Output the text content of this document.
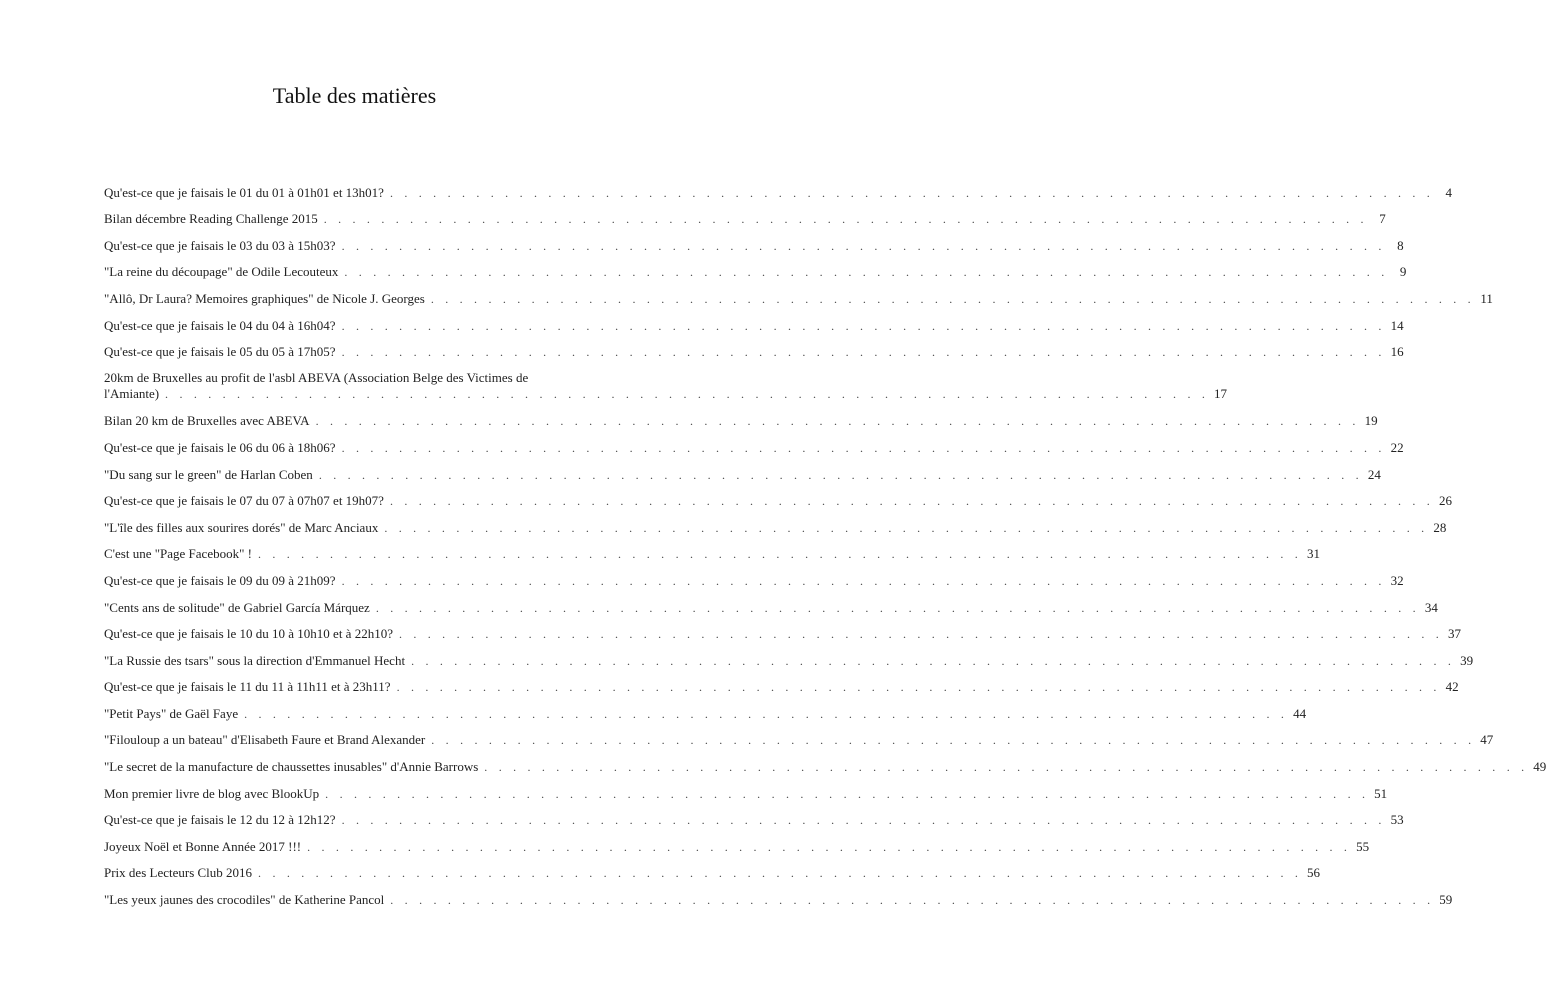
Table des matières
Qu'est-ce que je faisais le 01 du 01 à 01h01 et 13h01? . . . . . . . . . . . . . . . . . . . . . . . . . . . . . . . . . . . . . . . . . . . . . . . . . . . . . . . . . . . . . . . . . . . . . . . . . 4
Bilan décembre Reading Challenge 2015 . . . . . . . . . . . . . . . . . . . . . . . . . . . . . . . . . . . . . . . . . . . . . . . . . . . . . . . . . . . . . . . . . . . . . . . . . 7
Qu'est-ce que je faisais le 03 du 03 à 15h03? . . . . . . . . . . . . . . . . . . . . . . . . . . . . . . . . . . . . . . . . . . . . . . . . . . . . . . . . . . . . . . . . . . . . . . . . . 8
"La reine du découpage" de Odile Lecouteux . . . . . . . . . . . . . . . . . . . . . . . . . . . . . . . . . . . . . . . . . . . . . . . . . . . . . . . . . . . . . . . . . . . . . . . . . 9
"Allô, Dr Laura? Memoires graphiques" de Nicole J. Georges . . . . . . . . . . . . . . . . . . . . . . . . . . . . . . . . . . . . . . . . . . . . . . . . . . . . . . . . . . . . . . . . . . . . . . . . . 11
Qu'est-ce que je faisais le 04 du 04 à 16h04? . . . . . . . . . . . . . . . . . . . . . . . . . . . . . . . . . . . . . . . . . . . . . . . . . . . . . . . . . . . . . . . . . . . . . . . . . 14
Qu'est-ce que je faisais le 05 du 05 à 17h05? . . . . . . . . . . . . . . . . . . . . . . . . . . . . . . . . . . . . . . . . . . . . . . . . . . . . . . . . . . . . . . . . . . . . . . . . . 16
20km de Bruxelles au profit de l'asbl ABEVA (Association Belge des Victimes de
l'Amiante) . . . . . . . . . . . . . . . . . . . . . . . . . . . . . . . . . . . . . . . . . . . . . . . . . . . . . . . . . . . . . . . . . . . . . . . . . 17
Bilan 20 km de Bruxelles avec ABEVA . . . . . . . . . . . . . . . . . . . . . . . . . . . . . . . . . . . . . . . . . . . . . . . . . . . . . . . . . . . . . . . . . . . . . . . . . 19
Qu'est-ce que je faisais le 06 du 06 à 18h06? . . . . . . . . . . . . . . . . . . . . . . . . . . . . . . . . . . . . . . . . . . . . . . . . . . . . . . . . . . . . . . . . . . . . . . . . . 22
"Du sang sur le green" de Harlan Coben . . . . . . . . . . . . . . . . . . . . . . . . . . . . . . . . . . . . . . . . . . . . . . . . . . . . . . . . . . . . . . . . . . . . . . . . . 24
Qu'est-ce que je faisais le 07 du 07 à 07h07 et 19h07? . . . . . . . . . . . . . . . . . . . . . . . . . . . . . . . . . . . . . . . . . . . . . . . . . . . . . . . . . . . . . . . . . . . . . . . . . 26
"L'île des filles aux sourires dorés" de Marc Anciaux . . . . . . . . . . . . . . . . . . . . . . . . . . . . . . . . . . . . . . . . . . . . . . . . . . . . . . . . . . . . . . . . . . . . . . . . . 28
C'est une "Page Facebook" ! . . . . . . . . . . . . . . . . . . . . . . . . . . . . . . . . . . . . . . . . . . . . . . . . . . . . . . . . . . . . . . . . . . . . . . . . . 31
Qu'est-ce que je faisais le 09 du 09 à 21h09? . . . . . . . . . . . . . . . . . . . . . . . . . . . . . . . . . . . . . . . . . . . . . . . . . . . . . . . . . . . . . . . . . . . . . . . . . 32
"Cents ans de solitude" de Gabriel García Márquez . . . . . . . . . . . . . . . . . . . . . . . . . . . . . . . . . . . . . . . . . . . . . . . . . . . . . . . . . . . . . . . . . . . . . . . . . 34
Qu'est-ce que je faisais le 10 du 10 à 10h10 et à 22h10? . . . . . . . . . . . . . . . . . . . . . . . . . . . . . . . . . . . . . . . . . . . . . . . . . . . . . . . . . . . . . . . . . . . . . . . . . 37
"La Russie des tsars" sous la direction d'Emmanuel Hecht . . . . . . . . . . . . . . . . . . . . . . . . . . . . . . . . . . . . . . . . . . . . . . . . . . . . . . . . . . . . . . . . . . . . . . . . . 39
Qu'est-ce que je faisais le 11 du 11 à 11h11 et à 23h11? . . . . . . . . . . . . . . . . . . . . . . . . . . . . . . . . . . . . . . . . . . . . . . . . . . . . . . . . . . . . . . . . . . . . . . . . . 42
"Petit Pays" de Gaël Faye . . . . . . . . . . . . . . . . . . . . . . . . . . . . . . . . . . . . . . . . . . . . . . . . . . . . . . . . . . . . . . . . . . . . . . . . . 44
"Filouloup a un bateau" d'Elisabeth Faure et Brand Alexander . . . . . . . . . . . . . . . . . . . . . . . . . . . . . . . . . . . . . . . . . . . . . . . . . . . . . . . . . . . . . . . . . . . . . . . . . 47
"Le secret de la manufacture de chaussettes inusables" d'Annie Barrows . . . . . . . . . . . . . . . . . . . . . . . . . . . . . . . . . . . . . . . . . . . . . . . . . . . . . . . . . . . . . . . . . . . . . . . . . 49
Mon premier livre de blog avec BlookUp . . . . . . . . . . . . . . . . . . . . . . . . . . . . . . . . . . . . . . . . . . . . . . . . . . . . . . . . . . . . . . . . . . . . . . . . . 51
Qu'est-ce que je faisais le 12 du 12 à 12h12? . . . . . . . . . . . . . . . . . . . . . . . . . . . . . . . . . . . . . . . . . . . . . . . . . . . . . . . . . . . . . . . . . . . . . . . . . 53
Joyeux Noël et Bonne Année 2017 !!! . . . . . . . . . . . . . . . . . . . . . . . . . . . . . . . . . . . . . . . . . . . . . . . . . . . . . . . . . . . . . . . . . . . . . . . . . 55
Prix des Lecteurs Club 2016 . . . . . . . . . . . . . . . . . . . . . . . . . . . . . . . . . . . . . . . . . . . . . . . . . . . . . . . . . . . . . . . . . . . . . . . . . 56
"Les yeux jaunes des crocodiles" de Katherine Pancol . . . . . . . . . . . . . . . . . . . . . . . . . . . . . . . . . . . . . . . . . . . . . . . . . . . . . . . . . . . . . . . . . . . . . . . . . 59
